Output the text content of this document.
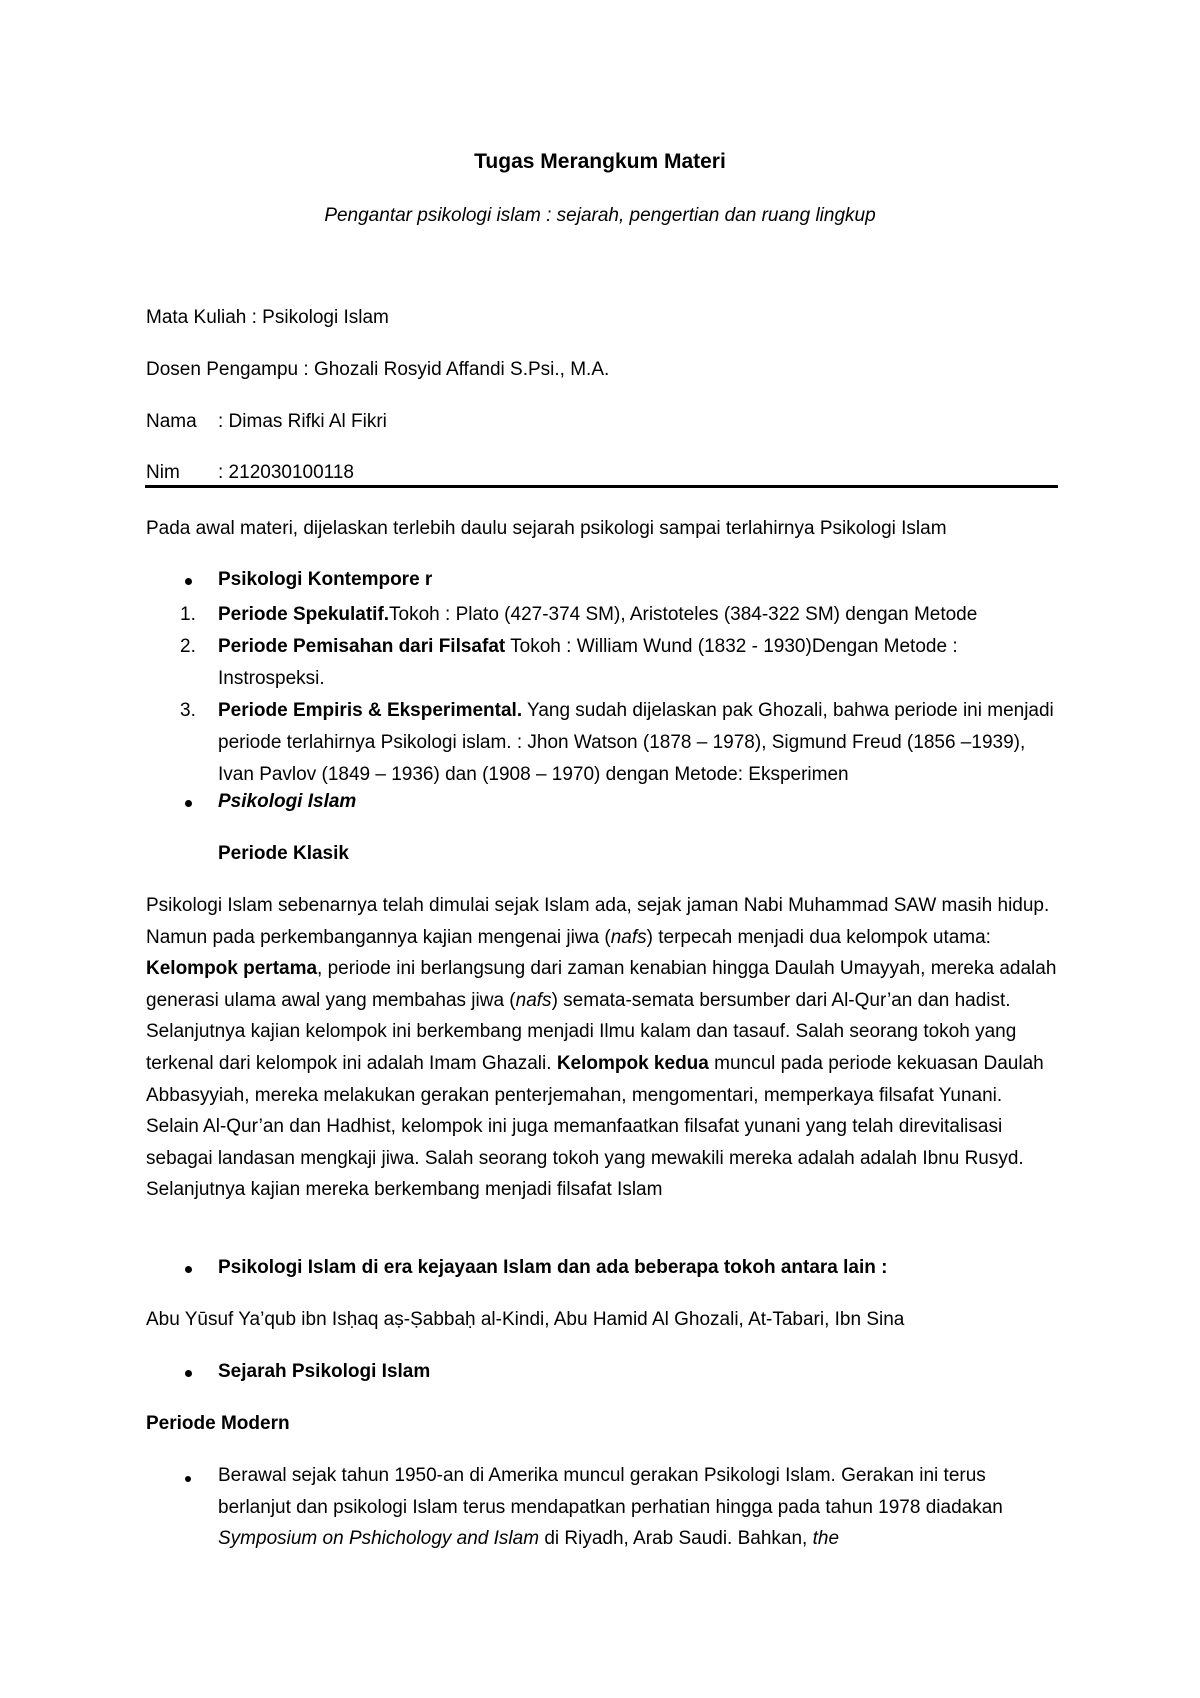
Tugas Merangkum Materi
Pengantar psikologi islam : sejarah, pengertian dan ruang lingkup
Mata Kuliah : Psikologi Islam
Dosen Pengampu : Ghozali Rosyid Affandi S.Psi., M.A.
Nama : Dimas Rifki Al Fikri
Nim : 212030100118
Pada awal materi, dijelaskan terlebih daulu sejarah psikologi sampai terlahirnya Psikologi Islam
Psikologi Kontempore r
1. Periode Spekulatif.Tokoh : Plato (427-374 SM), Aristoteles (384-322 SM) dengan Metode
2. Periode Pemisahan dari Filsafat Tokoh : William Wund (1832 - 1930)Dengan Metode : Instrospeksi.
3. Periode Empiris & Eksperimental. Yang sudah dijelaskan pak Ghozali, bahwa periode ini menjadi periode terlahirnya Psikologi islam. : Jhon Watson (1878 – 1978), Sigmund Freud (1856 –1939), Ivan Pavlov (1849 – 1936) dan (1908 – 1970) dengan Metode: Eksperimen
Psikologi Islam
Periode Klasik
Psikologi Islam sebenarnya telah dimulai sejak Islam ada, sejak jaman Nabi Muhammad SAW masih hidup. Namun pada perkembangannya kajian mengenai jiwa (nafs) terpecah menjadi dua kelompok utama: Kelompok pertama, periode ini berlangsung dari zaman kenabian hingga Daulah Umayyah, mereka adalah generasi ulama awal yang membahas jiwa (nafs) semata-semata bersumber dari Al-Qur’an dan hadist. Selanjutnya kajian kelompok ini berkembang menjadi Ilmu kalam dan tasauf. Salah seorang tokoh yang terkenal dari kelompok ini adalah Imam Ghazali. Kelompok kedua muncul pada periode kekuasan Daulah Abbasyyiah, mereka melakukan gerakan penterjemahan, mengomentari, memperkaya filsafat Yunani. Selain Al-Qur’an dan Hadhist, kelompok ini juga memanfaatkan filsafat yunani yang telah direvitalisasi sebagai landasan mengkaji jiwa. Salah seorang tokoh yang mewakili mereka adalah adalah Ibnu Rusyd. Selanjutnya kajian mereka berkembang menjadi filsafat Islam
Psikologi Islam di era kejayaan Islam dan ada beberapa tokoh antara lain :
Abu Yūsuf Ya’qub ibn Isḥaq aṣ-Ṣabbaḥ al-Kindi, Abu Hamid Al Ghozali, At-Tabari, Ibn Sina
Sejarah Psikologi Islam
Periode Modern
Berawal sejak tahun 1950-an di Amerika muncul gerakan Psikologi Islam. Gerakan ini terus berlanjut dan psikologi Islam terus mendapatkan perhatian hingga pada tahun 1978 diadakan Symposium on Pshichology and Islam di Riyadh, Arab Saudi. Bahkan, the
